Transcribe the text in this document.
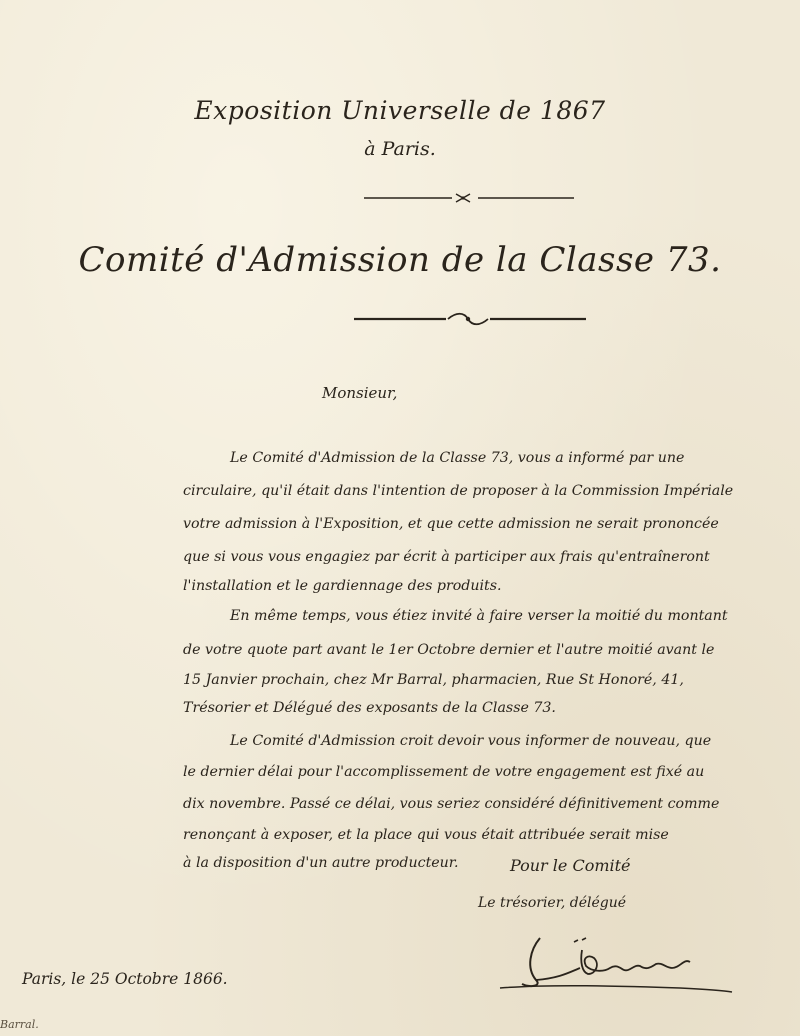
Exposition Universelle de 1867
à Paris.
Comité d'Admission de la Classe 73.
Monsieur,
Le Comité d'Admission de la Classe 73, vous a informé par une
circulaire, qu'il était dans l'intention de proposer à la Commission Impériale
votre admission à l'Exposition, et que cette admission ne serait prononcée
que si vous vous engagiez par écrit à participer aux frais qu'entraîneront
l'installation et le gardiennage des produits.
En même temps, vous étiez invité à faire verser la moitié du montant
de votre quote part avant le 1er Octobre dernier et l'autre moitié avant le
15 Janvier prochain, chez Mr Barral, pharmacien, Rue St Honoré, 41,
Trésorier et Délégué des exposants de la Classe 73.
Le Comité d'Admission croit devoir vous informer de nouveau, que
le dernier délai pour l'accomplissement de votre engagement est fixé au
dix novembre. Passé ce délai, vous seriez considéré définitivement comme
renonçant à exposer, et la place qui vous était attribuée serait mise
à la disposition d'un autre producteur.	Pour le Comité
Le trésorier, délégué
Paris, le 25 Octobre 1866.
Barral.
